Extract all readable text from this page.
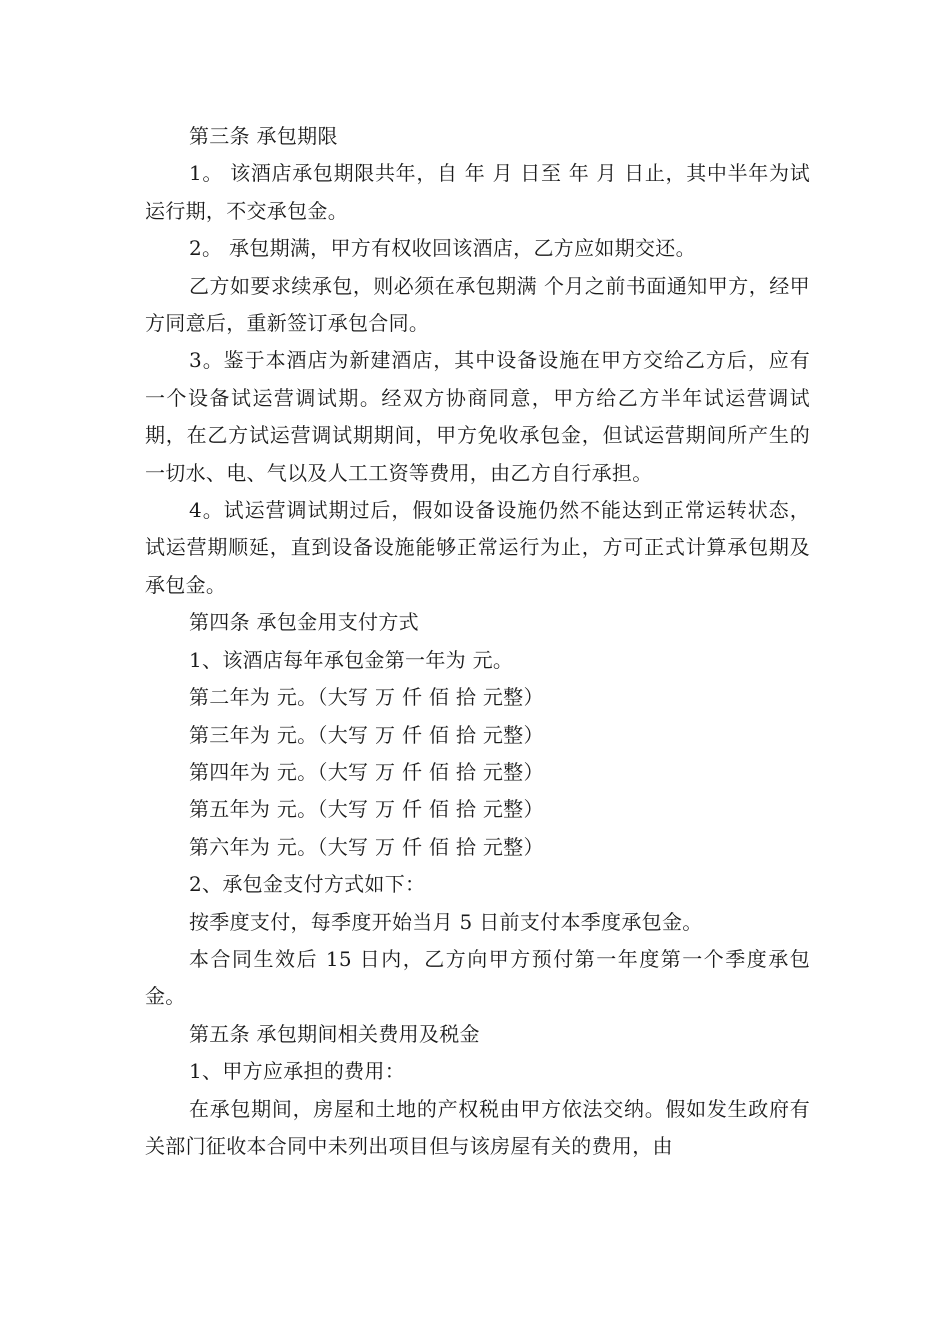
第三条 承包期限

1。 该酒店承包期限共年，自 年 月 日至 年 月 日止，其中半年为试运行期，不交承包金。

2。 承包期满，甲方有权收回该酒店，乙方应如期交还。

乙方如要求续承包，则必须在承包期满 个月之前书面通知甲方，经甲方同意后，重新签订承包合同。

3。鉴于本酒店为新建酒店，其中设备设施在甲方交给乙方后，应有一个设备试运营调试期。经双方协商同意，甲方给乙方半年试运营调试期，在乙方试运营调试期期间，甲方免收承包金，但试运营期间所产生的一切水、电、气以及人工工资等费用，由乙方自行承担。

4。试运营调试期过后，假如设备设施仍然不能达到正常运转状态，试运营期顺延，直到设备设施能够正常运行为止，方可正式计算承包期及承包金。

第四条 承包金用支付方式

1、该酒店每年承包金第一年为 元。

第二年为 元。（大写 万 仟 佰 拾 元整）

第三年为 元。（大写 万 仟 佰 拾 元整）

第四年为 元。（大写 万 仟 佰 拾 元整）

第五年为 元。（大写 万 仟 佰 拾 元整）

第六年为 元。（大写 万 仟 佰 拾 元整）

2、承包金支付方式如下：

按季度支付，每季度开始当月 5 日前支付本季度承包金。

本合同生效后 15 日内，乙方向甲方预付第一年度第一个季度承包金。

第五条 承包期间相关费用及税金

1、甲方应承担的费用：

在承包期间，房屋和土地的产权税由甲方依法交纳。假如发生政府有关部门征收本合同中未列出项目但与该房屋有关的费用，由
